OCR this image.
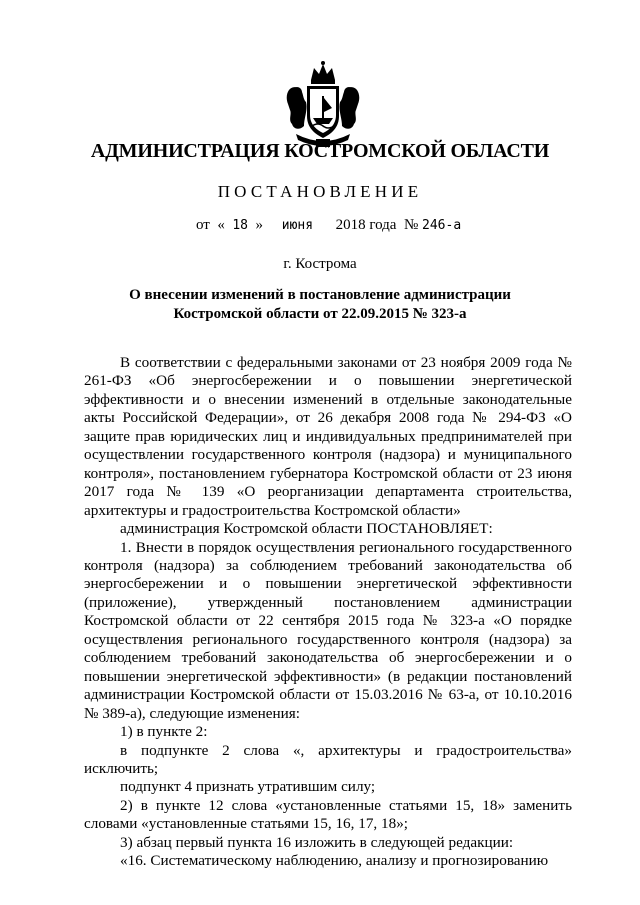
АДМИНИСТРАЦИЯ КОСТРОМСКОЙ ОБЛАСТИ
ПОСТАНОВЛЕНИЕ
от « 18 » июня 2018 года № 246-а
г. Кострома
О внесении изменений в постановление администрации
Костромской области от 22.09.2015 № 323-а

В соответствии с федеральными законами от 23 ноября 2009 года № 261-ФЗ «Об энергосбережении и о повышении энергетической эффективности и о внесении изменений в отдельные законодательные акты Российской Федерации», от 26 декабря 2008 года № 294-ФЗ «О защите прав юридических лиц и индивидуальных предпринимателей при осуществлении государственного контроля (надзора) и муниципального контроля», постановлением губернатора Костромской области от 23 июня 2017 года № 139 «О реорганизации департамента строительства, архитектуры и градостроительства Костромской области»

администрация Костромской области ПОСТАНОВЛЯЕТ:

1. Внести в порядок осуществления регионального государственного контроля (надзора) за соблюдением требований законодательства об энергосбережении и о повышении энергетической эффективности (приложение), утвержденный постановлением администрации Костромской области от 22 сентября 2015 года № 323-а «О порядке осуществления регионального государственного контроля (надзора) за соблюдением требований законодательства об энергосбережении и о повышении энергетической эффективности» (в редакции постановлений администрации Костромской области от 15.03.2016 № 63-а, от 10.10.2016 № 389-а), следующие изменения:

1) в пункте 2:

в подпункте 2 слова «, архитектуры и градостроительства» исключить;

подпункт 4 признать утратившим силу;

2) в пункте 12 слова «установленные статьями 15, 18» заменить словами «установленные статьями 15, 16, 17, 18»;

3) абзац первый пункта 16 изложить в следующей редакции:

«16. Систематическому наблюдению, анализу и прогнозированию
